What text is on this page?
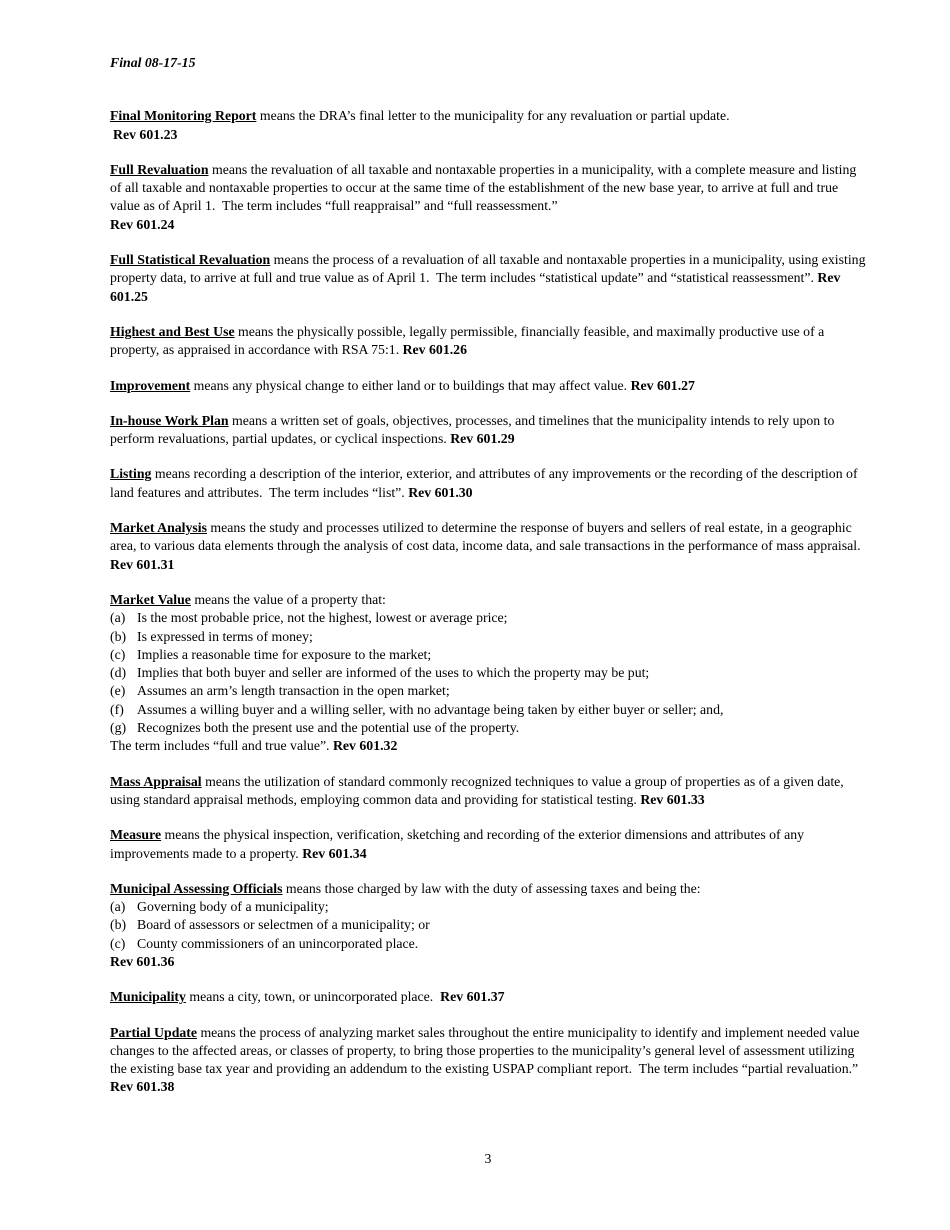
Final 08-17-15
Final Monitoring Report means the DRA’s final letter to the municipality for any revaluation or partial update.
Rev 601.23
Full Revaluation means the revaluation of all taxable and nontaxable properties in a municipality, with a complete measure and listing of all taxable and nontaxable properties to occur at the same time of the establishment of the new base year, to arrive at full and true value as of April 1.  The term includes “full reappraisal” and “full reassessment.”
Rev 601.24
Full Statistical Revaluation means the process of a revaluation of all taxable and nontaxable properties in a municipality, using existing property data, to arrive at full and true value as of April 1.  The term includes “statistical update” and “statistical reassessment”. Rev 601.25
Highest and Best Use means the physically possible, legally permissible, financially feasible, and maximally productive use of a property, as appraised in accordance with RSA 75:1. Rev 601.26
Improvement means any physical change to either land or to buildings that may affect value. Rev 601.27
In-house Work Plan means a written set of goals, objectives, processes, and timelines that the municipality intends to rely upon to perform revaluations, partial updates, or cyclical inspections. Rev 601.29
Listing means recording a description of the interior, exterior, and attributes of any improvements or the recording of the description of land features and attributes.  The term includes “list”. Rev 601.30
Market Analysis means the study and processes utilized to determine the response of buyers and sellers of real estate, in a geographic area, to various data elements through the analysis of cost data, income data, and sale transactions in the performance of mass appraisal. Rev 601.31
Market Value means the value of a property that:
(a) Is the most probable price, not the highest, lowest or average price;
(b) Is expressed in terms of money;
(c) Implies a reasonable time for exposure to the market;
(d) Implies that both buyer and seller are informed of the uses to which the property may be put;
(e) Assumes an arm’s length transaction in the open market;
(f) Assumes a willing buyer and a willing seller, with no advantage being taken by either buyer or seller; and,
(g) Recognizes both the present use and the potential use of the property.
The term includes “full and true value”. Rev 601.32
Mass Appraisal means the utilization of standard commonly recognized techniques to value a group of properties as of a given date, using standard appraisal methods, employing common data and providing for statistical testing. Rev 601.33
Measure means the physical inspection, verification, sketching and recording of the exterior dimensions and attributes of any improvements made to a property. Rev 601.34
Municipal Assessing Officials means those charged by law with the duty of assessing taxes and being the:
(a) Governing body of a municipality;
(b) Board of assessors or selectmen of a municipality; or
(c) County commissioners of an unincorporated place.
Rev 601.36
Municipality means a city, town, or unincorporated place.  Rev 601.37
Partial Update means the process of analyzing market sales throughout the entire municipality to identify and implement needed value changes to the affected areas, or classes of property, to bring those properties to the municipality’s general level of assessment utilizing the existing base tax year and providing an addendum to the existing USPAP compliant report.  The term includes “partial revaluation.” Rev 601.38
3
